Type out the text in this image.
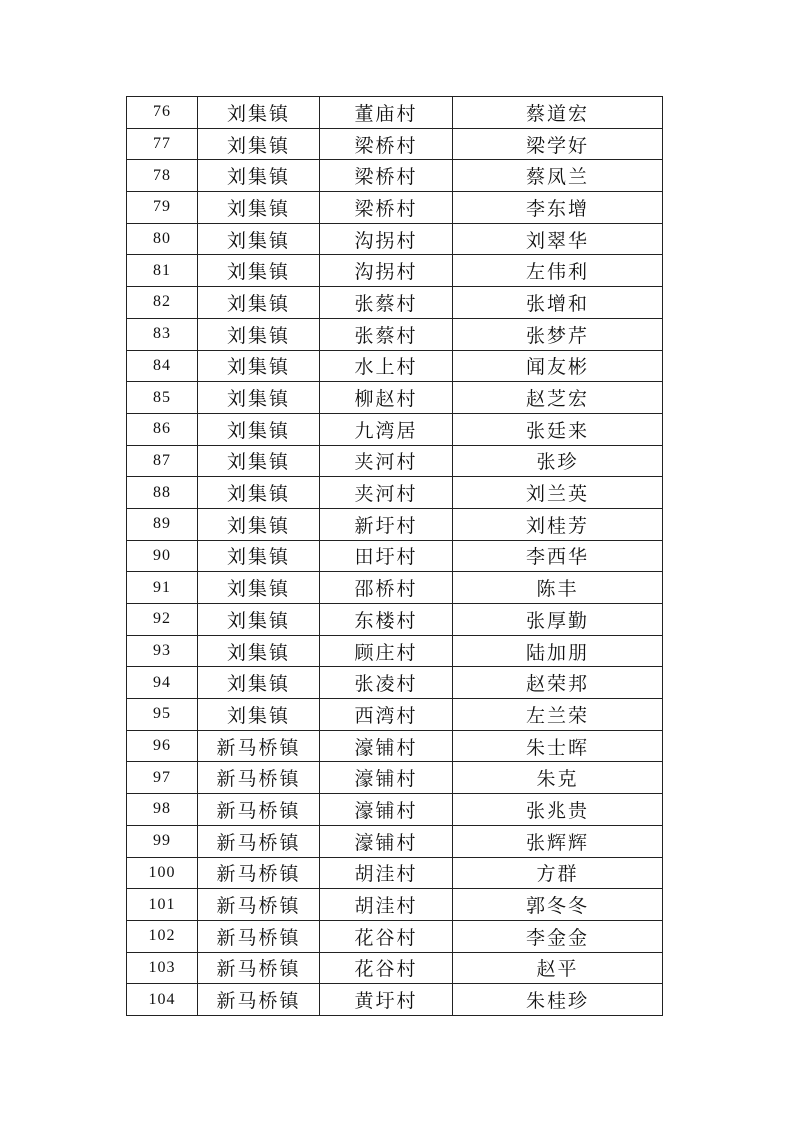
76	刘集镇	董庙村	蔡道宏
77	刘集镇	梁桥村	梁学好
78	刘集镇	梁桥村	蔡凤兰
79	刘集镇	梁桥村	李东增
80	刘集镇	沟拐村	刘翠华
81	刘集镇	沟拐村	左伟利
82	刘集镇	张蔡村	张增和
83	刘集镇	张蔡村	张梦芹
84	刘集镇	水上村	闻友彬
85	刘集镇	柳赵村	赵芝宏
86	刘集镇	九湾居	张廷来
87	刘集镇	夹河村	张珍
88	刘集镇	夹河村	刘兰英
89	刘集镇	新圩村	刘桂芳
90	刘集镇	田圩村	李西华
91	刘集镇	邵桥村	陈丰
92	刘集镇	东楼村	张厚勤
93	刘集镇	顾庄村	陆加朋
94	刘集镇	张凌村	赵荣邦
95	刘集镇	西湾村	左兰荣
96	新马桥镇	濠铺村	朱士晖
97	新马桥镇	濠铺村	朱克
98	新马桥镇	濠铺村	张兆贵
99	新马桥镇	濠铺村	张辉辉
100	新马桥镇	胡洼村	方群
101	新马桥镇	胡洼村	郭冬冬
102	新马桥镇	花谷村	李金金
103	新马桥镇	花谷村	赵平
104	新马桥镇	黄圩村	朱桂珍
